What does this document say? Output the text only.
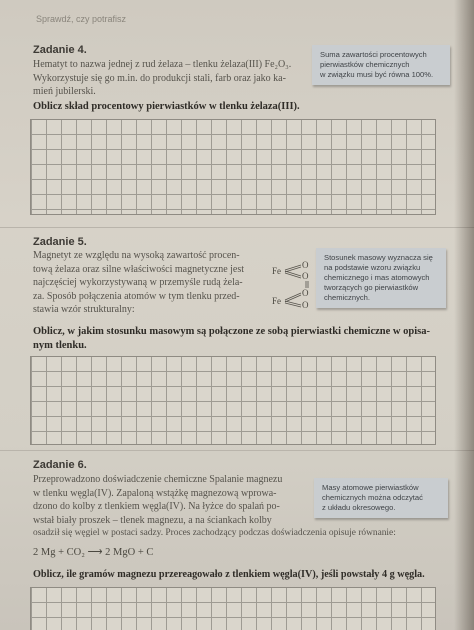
Sprawdź, czy potrafisz
Zadanie 4.
Hematyt to nazwa jednej z rud żelaza – tlenku żelaza(III) Fe₂O₃.
Wykorzystuje się go m.in. do produkcji stali, farb oraz jako ka-
mień jubilerski.
Suma zawartości procentowych
pierwiastków chemicznych
w związku musi być równa 100%.
Oblicz skład procentowy pierwiastków w tlenku żelaza(III).
Zadanie 5.
Magnetyt ze względu na wysoką zawartość procen-
tową żelaza oraz silne właściwości magnetyczne jest
najczęściej wykorzystywaną w przemyśle rudą żela-
za. Sposób połączenia atomów w tym tlenku przed-
stawia wzór strukturalny:
Fe
Fe
O
O
O
O
Stosunek masowy wyznacza się
na podstawie wzoru związku
chemicznego i mas atomowych
tworzących go pierwiastków
chemicznych.
Oblicz, w jakim stosunku masowym są połączone ze sobą pierwiastki chemiczne w opisa-
nym tlenku.
Zadanie 6.
Przeprowadzono doświadczenie chemiczne Spalanie magnezu
w tlenku węgla(IV). Zapaloną wstążkę magnezową wprowa-
dzono do kolby z tlenkiem węgla(IV). Na łyżce do spalań po-
wstał biały proszek – tlenek magnezu, a na ściankach kolby
osadził się węgiel w postaci sadzy. Proces zachodzący podczas doświadczenia opisuje równanie:
Masy atomowe pierwiastków
chemicznych można odczytać
z układu okresowego.
2 Mg + CO₂ ⟶ 2 MgO + C
Oblicz, ile gramów magnezu przereagowało z tlenkiem węgla(IV), jeśli powstały 4 g węgla.
